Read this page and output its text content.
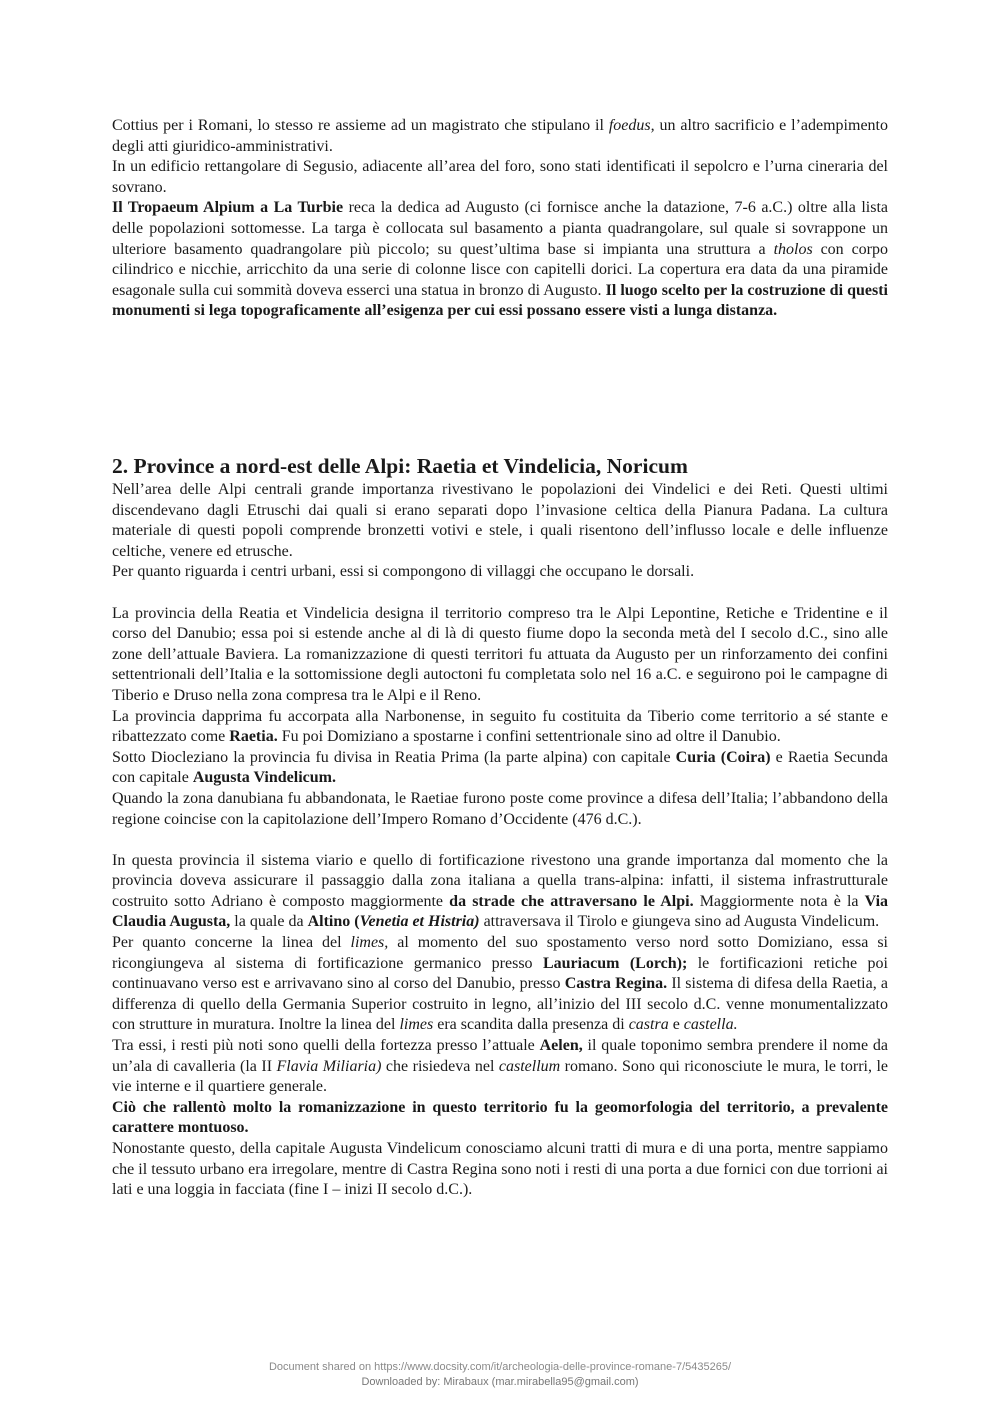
Cottius per i Romani, lo stesso re assieme ad un magistrato che stipulano il foedus, un altro sacrificio e l’adempimento degli atti giuridico-amministrativi.

In un edificio rettangolare di Segusio, adiacente all’area del foro, sono stati identificati il sepolcro e l’urna cineraria del sovrano.

Il Tropaeum Alpium a La Turbie reca la dedica ad Augusto (ci fornisce anche la datazione, 7-6 a.C.) oltre alla lista delle popolazioni sottomesse. La targa è collocata sul basamento a pianta quadrangolare, sul quale si sovrappone un ulteriore basamento quadrangolare più piccolo; su quest’ultima base si impianta una struttura a tholos con corpo cilindrico e nicchie, arricchito da una serie di colonne lisce con capitelli dorici. La copertura era data da una piramide esagonale sulla cui sommità doveva esserci una statua in bronzo di Augusto. Il luogo scelto per la costruzione di questi monumenti si lega topograficamente all’esigenza per cui essi possano essere visti a lunga distanza.

2. Province a nord-est delle Alpi: Raetia et Vindelicia, Noricum

Nell’area delle Alpi centrali grande importanza rivestivano le popolazioni dei Vindelici e dei Reti. Questi ultimi discendevano dagli Etruschi dai quali si erano separati dopo l’invasione celtica della Pianura Padana. La cultura materiale di questi popoli comprende bronzetti votivi e stele, i quali risentono dell’influsso locale e delle influenze celtiche, venere ed etrusche.

Per quanto riguarda i centri urbani, essi si compongono di villaggi che occupano le dorsali.

La provincia della Reatia et Vindelicia designa il territorio compreso tra le Alpi Lepontine, Retiche e Tridentine e il corso del Danubio; essa poi si estende anche al di là di questo fiume dopo la seconda metà del I secolo d.C., sino alle zone dell’attuale Baviera. La romanizzazione di questi territori fu attuata da Augusto per un rinforzamento dei confini settentrionali dell’Italia e la sottomissione degli autoctoni fu completata solo nel 16 a.C. e seguirono poi le campagne di Tiberio e Druso nella zona compresa tra le Alpi e il Reno.

La provincia dapprima fu accorpata alla Narbonense, in seguito fu costituita da Tiberio come territorio a sé stante e ribattezzato come Raetia. Fu poi Domiziano a spostarne i confini settentrionale sino ad oltre il Danubio.

Sotto Diocleziano la provincia fu divisa in Reatia Prima (la parte alpina) con capitale Curia (Coira) e Raetia Secunda con capitale Augusta Vindelicum.

Quando la zona danubiana fu abbandonata, le Raetiae furono poste come province a difesa dell’Italia; l’abbandono della regione coincise con la capitolazione dell’Impero Romano d’Occidente (476 d.C.).

In questa provincia il sistema viario e quello di fortificazione rivestono una grande importanza dal momento che la provincia doveva assicurare il passaggio dalla zona italiana a quella trans-alpina: infatti, il sistema infrastrutturale costruito sotto Adriano è composto maggiormente da strade che attraversano le Alpi. Maggiormente nota è la Via Claudia Augusta, la quale da Altino (Venetia et Histria) attraversava il Tirolo e giungeva sino ad Augusta Vindelicum.

Per quanto concerne la linea del limes, al momento del suo spostamento verso nord sotto Domiziano, essa si ricongiungeva al sistema di fortificazione germanico presso Lauriacum (Lorch); le fortificazioni retiche poi continuavano verso est e arrivavano sino al corso del Danubio, presso Castra Regina. Il sistema di difesa della Raetia, a differenza di quello della Germania Superior costruito in legno, all’inizio del III secolo d.C. venne monumentalizzato con strutture in muratura. Inoltre la linea del limes era scandita dalla presenza di castra e castella.

Tra essi, i resti più noti sono quelli della fortezza presso l’attuale Aelen, il quale toponimo sembra prendere il nome da un’ala di cavalleria (la II Flavia Miliaria) che risiedeva nel castellum romano. Sono qui riconosciute le mura, le torri, le vie interne e il quartiere generale.

Ciò che rallentò molto la romanizzazione in questo territorio fu la geomorfologia del territorio, a prevalente carattere montuoso.

Nonostante questo, della capitale Augusta Vindelicum conosciamo alcuni tratti di mura e di una porta, mentre sappiamo che il tessuto urbano era irregolare, mentre di Castra Regina sono noti i resti di una porta a due fornici con due torrioni ai lati e una loggia in facciata (fine I – inizi II secolo d.C.).

Document shared on https://www.docsity.com/it/archeologia-delle-province-romane-7/5435265/
Downloaded by: Mirabaux (mar.mirabella95@gmail.com)
